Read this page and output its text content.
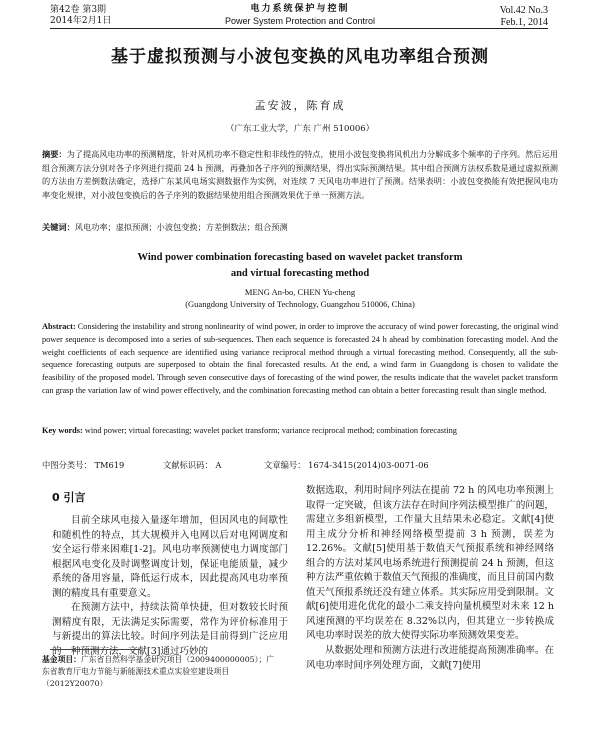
第42卷 第3期
2014年2月1日
电力系统保护与控制
Power System Protection and Control
Vol.42 No.3
Feb.1, 2014
基于虚拟预测与小波包变换的风电功率组合预测
孟安波，陈育成
（广东工业大学，广东 广州 510006）
摘要：为了提高风电功率的预测精度，针对风机功率不稳定性和非线性的特点，使用小波包变换将风机出力分解成多个频率的子序列。然后运用组合预测方法分别对各子序列进行提前 24 h 预测，再叠加各子序列的预测结果，得出实际预测结果。其中组合预测方法权系数是通过虚拟预测的方法由方差倒数法确定，选择广东某风电场实测数据作为实例，对连续 7 天风电功率进行了预测。结果表明：小波包变换能有效把握风电功率变化规律，对小波包变换后的各子序列的数据结果使用组合预测效果优于单一预测方法。
关键词：风电功率；虚拟预测；小波包变换；方差倒数法；组合预测
Wind power combination forecasting based on wavelet packet transform
and virtual forecasting method
MENG An-bo, CHEN Yu-cheng
(Guangdong University of Technology, Guangzhou 510006, China)
Abstract: Considering the instability and strong nonlinearity of wind power, in order to improve the accuracy of wind power forecasting, the original wind power sequence is decomposed into a series of sub-sequences. Then each sequence is forecasted 24 h ahead by combination forecasting model. And the weight coefficients of each sequence are identified using variance reciprocal method through a virtual forecasting method. Consequently, all the sub-sequence forecasting outputs are superposed to obtain the final forecasted results. At the end, a wind farm in Guangdong is chosen to validate the feasibility of the proposed model. Through seven consecutive days of forecasting of the wind power, the results indicate that the wavelet packet transform can grasp the variation law of wind power effectively, and the combination forecasting method can obtain a better forecasting result than single method.
Key words: wind power; virtual forecasting; wavelet packet transform; variance reciprocal method; combination forecasting
中图分类号： TM619	文献标识码： A	文章编号： 1674-3415(2014)03-0071-06
0 引言

目前全球风电接入量逐年增加，但因风电的间歇性和随机性的特点，其大规模并入电网以后对电网调度和安全运行带来困难[1-2]。风电功率预测使电力调度部门根据风电变化及时调整调度计划，保证电能质量，减少系统的备用容量，降低运行成本，因此提高风电功率预测的精度具有重要意义。

在预测方法中，持续法简单快捷，但对数较长时预测精度有限，无法满足实际需要，常作为评价标准用于与新提出的算法比较。时间序列法是目前得到广泛应用的一种预测方法，文献[3]通过巧妙的

基金项目：广东省自然科学基金研究项目（2009400000005）；广
东省教育厅电力节能与新能源技术重点实验室建设项目
（2012Y20070）

数据选取，利用时间序列法在提前 72 h 的风电功率预测上取得一定突破，但该方法存在时间序列法模型推广的问题，需建立多组新模型，工作量大且结果未必稳定。文献[4]使用主成分分析和神经网络模型提前 3 h 预测，误差为 12.26%。文献[5]使用基于数值天气预报系统和神经网络组合的方法对某风电场系统进行预测提前 24 h 预测，但这种方法严重依赖于数值天气预报的准确度，而且目前国内数值天气预报系统还没有建立体系。其实际应用受到限制。文献[6]使用进化优化的最小二乘支持向量机模型对未来 12 h 风速预测的平均误差在 8.32%以内，但其建立一步转换成风电功率时误差的放大使得实际功率预测效果变差。

从数据处理和预测方法进行改进能提高预测准确率。在风电功率时间序列处理方面，文献[7]使用
